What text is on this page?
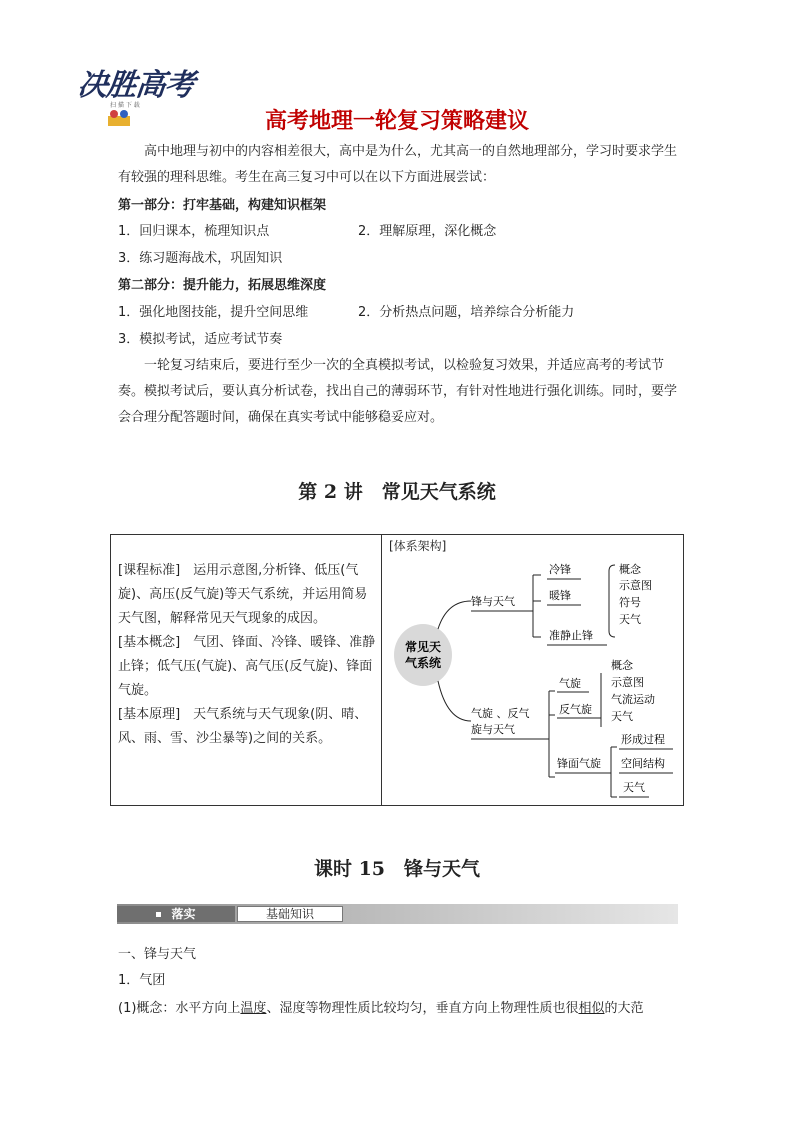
决胜高考
扫 描 下 载
高考地理一轮复习策略建议
高中地理与初中的内容相差很大，高中是为什么，尤其高一的自然地理部分，学习时要求学生有较强的理科思维。考生在高三复习中可以在以下方面进展尝试：
第一部分：打牢基础，构建知识框架
1．回归课本，梳理知识点	2．理解原理，深化概念
3．练习题海战术，巩固知识
第二部分：提升能力，拓展思维深度
1．强化地图技能，提升空间思维	2．分析热点问题，培养综合分析能力
3．模拟考试，适应考试节奏
一轮复习结束后，要进行至少一次的全真模拟考试，以检验复习效果，并适应高考的考试节奏。模拟考试后，要认真分析试卷，找出自己的薄弱环节，有针对性地进行强化训练。同时，要学会合理分配答题时间，确保在真实考试中能够稳妥应对。
第 2 讲　常见天气系统

[课程标准]　运用示意图,分析锋、低压(气旋)、高压(反气旋)等天气系统，并运用简易天气图，解释常见天气现象的成因。

[基本概念]　气团、锋面、冷锋、暖锋、准静止锋；低气压(气旋)、高气压(反气旋)、锋面气旋。

[基本原理]　天气系统与天气现象(阴、晴、风、雨、雪、沙尘暴等)之间的关系。

[体系架构]
常见天
气系统
锋与天气
冷锋
暖锋
准静止锋
概念
示意图
符号
天气
气旋 、反气
旋与天气
气旋
反气旋
概念
示意图
气流运动
天气
锋面气旋
形成过程
空间结构
天气
课时 15　锋与天气
落实	基础知识
一、锋与天气
1．气团
(1)概念：水平方向上温度、湿度等物理性质比较均匀，垂直方向上物理性质也很相似的大范
